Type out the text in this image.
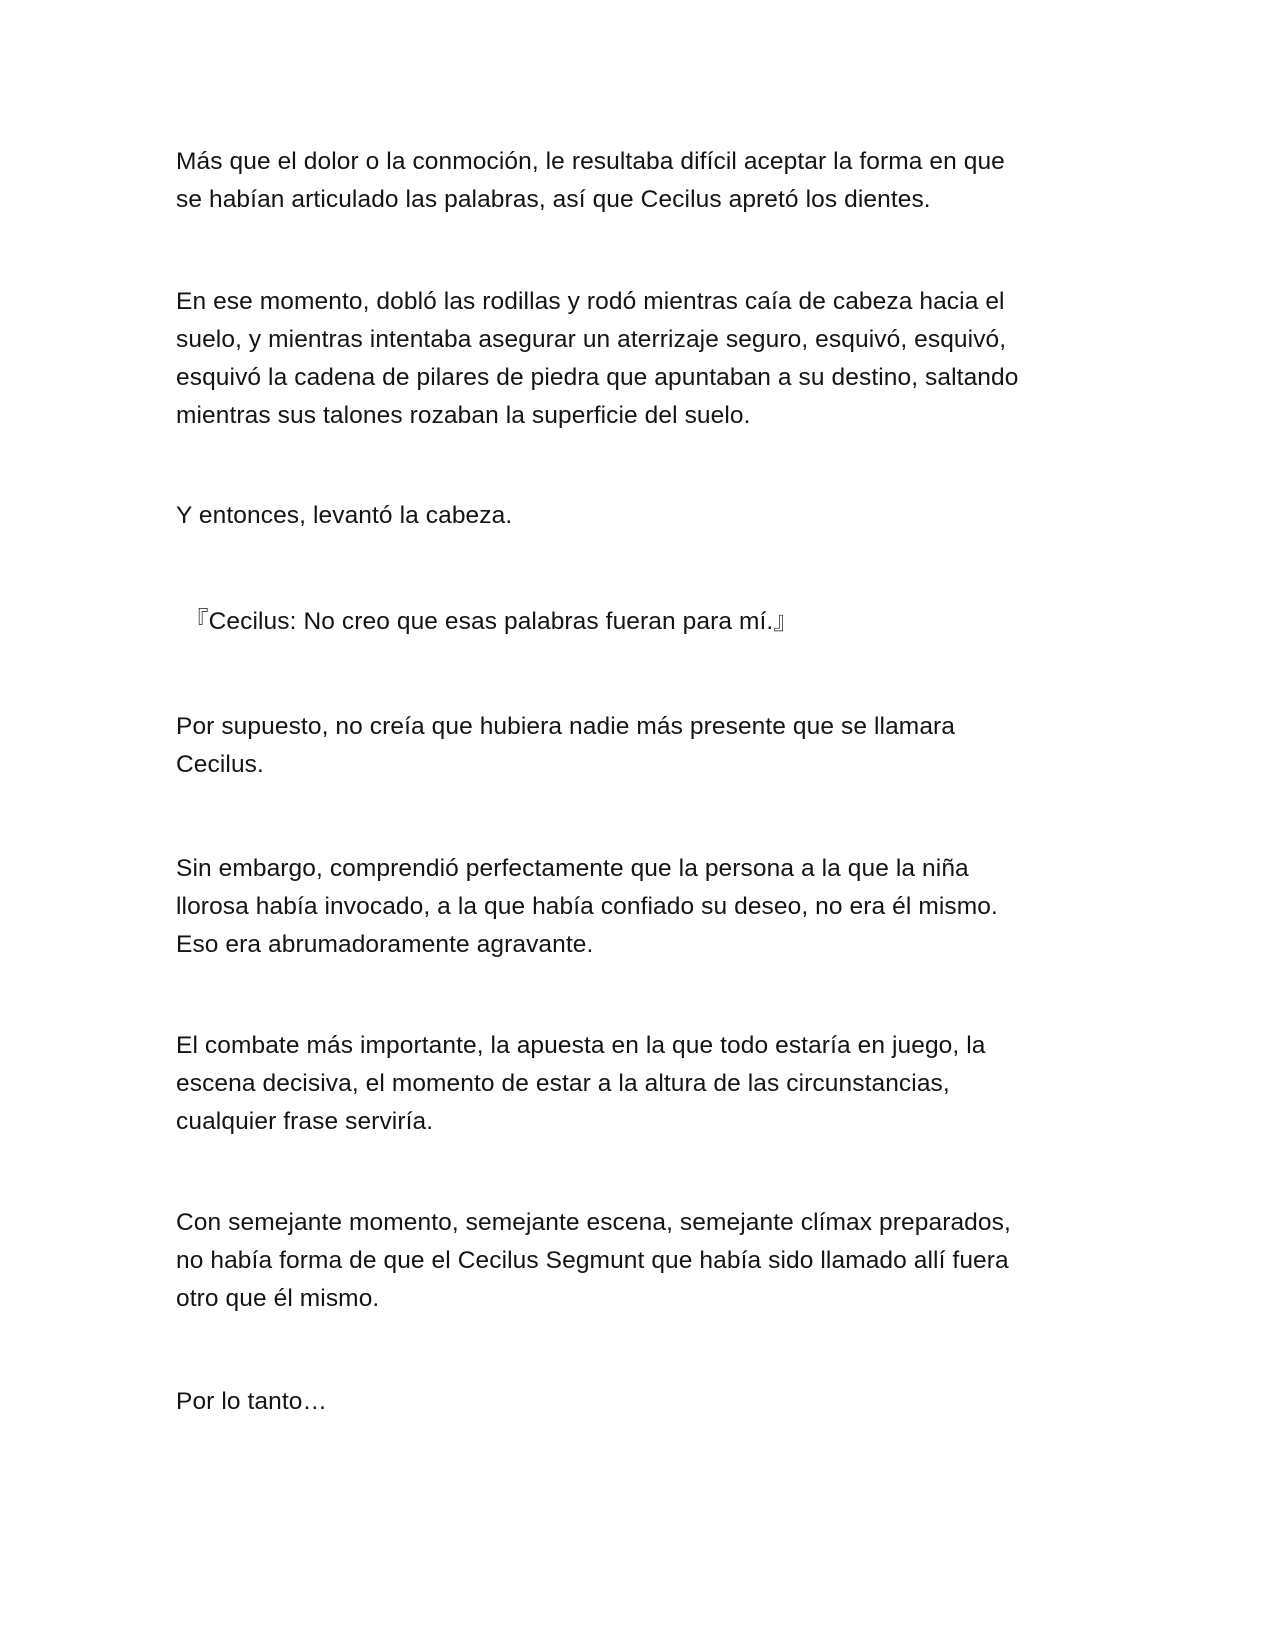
Más que el dolor o la conmoción, le resultaba difícil aceptar la forma en que
se habían articulado las palabras, así que Cecilus apretó los dientes.

En ese momento, dobló las rodillas y rodó mientras caía de cabeza hacia el
suelo, y mientras intentaba asegurar un aterrizaje seguro, esquivó, esquivó,
esquivó la cadena de pilares de piedra que apuntaban a su destino, saltando
mientras sus talones rozaban la superficie del suelo.

Y entonces, levantó la cabeza.

『Cecilus: No creo que esas palabras fueran para mí.』

Por supuesto, no creía que hubiera nadie más presente que se llamara
Cecilus.

Sin embargo, comprendió perfectamente que la persona a la que la niña
llorosa había invocado, a la que había confiado su deseo, no era él mismo.
Eso era abrumadoramente agravante.

El combate más importante, la apuesta en la que todo estaría en juego, la
escena decisiva, el momento de estar a la altura de las circunstancias,
cualquier frase serviría.

Con semejante momento, semejante escena, semejante clímax preparados,
no había forma de que el Cecilus Segmunt que había sido llamado allí fuera
otro que él mismo.

Por lo tanto…
